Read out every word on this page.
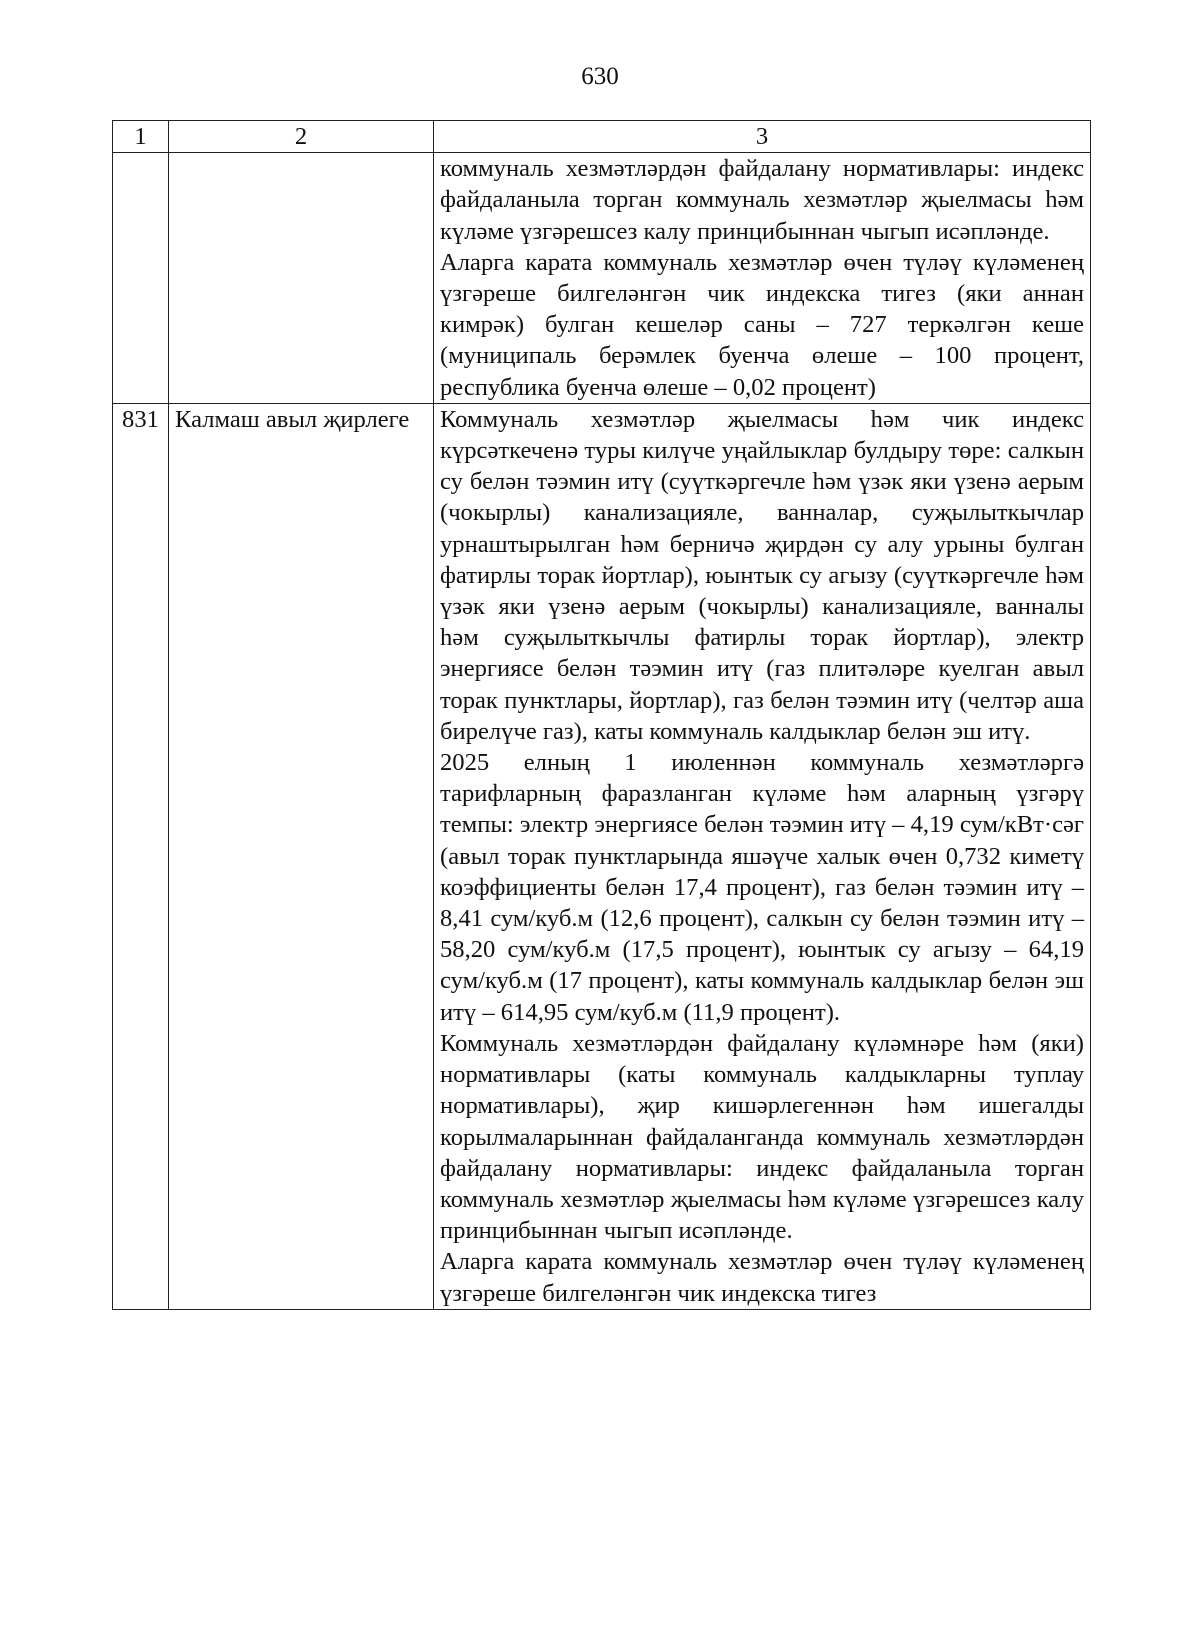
630
1	2	3

		коммуналь хезмәтләрдән файдалану нормативлары: индекс файдаланыла торган коммуналь хезмәтләр җыелмасы һәм күләме үзгәрешсез калу принцибыннан чыгып исәпләнде.

Аларга карата коммуналь хезмәтләр өчен түләү күләменең үзгәреше билгеләнгән чик индекска тигез (яки аннан кимрәк) булган кешеләр саны – 727 теркәлгән кеше (муниципаль берәмлек буенча өлеше – 100 процент, республика буенча өлеше – 0,02 процент)

831	Калмаш авыл җирлеге	Коммуналь хезмәтләр җыелмасы һәм чик индекс күрсәткеченә туры килүче уңайлыклар булдыру төре: салкын су белән тәэмин итү (суүткәргечле һәм үзәк яки үзенә аерым (чокырлы) канализацияле, ванналар, суҗылыткычлар урнаштырылган һәм берничә җирдән су алу урыны булган фатирлы торак йортлар), юынтык су агызу (суүткәргечле һәм үзәк яки үзенә аерым (чокырлы) канализацияле, ванналы һәм суҗылыткычлы фатирлы торак йортлар), электр энергиясе белән тәэмин итү (газ плитәләре куелган авыл торак пунктлары, йортлар), газ белән тәэмин итү (челтәр аша бирелүче газ), каты коммуналь калдыклар белән эш итү.

2025 елның 1 июленнән коммуналь хезмәтләргә тарифларның фаразланган күләме һәм аларның үзгәрү темпы: электр энергиясе белән тәэмин итү – 4,19 сум/кВт·сәг (авыл торак пунктларында яшәүче халык өчен 0,732 киметү коэффициенты белән 17,4 процент), газ белән тәэмин итү – 8,41 сум/куб.м (12,6 процент), салкын су белән тәэмин итү – 58,20 сум/куб.м (17,5 процент), юынтык су агызу – 64,19 сум/куб.м (17 процент), каты коммуналь калдыклар белән эш итү – 614,95 сум/куб.м (11,9 процент).

Коммуналь хезмәтләрдән файдалану күләмнәре һәм (яки) нормативлары (каты коммуналь калдыкларны туплау нормативлары), җир кишәрлегеннән һәм ишегалды корылмаларыннан файдаланганда коммуналь хезмәтләрдән файдалану нормативлары: индекс файдаланыла торган коммуналь хезмәтләр җыелмасы һәм күләме үзгәрешсез калу принцибыннан чыгып исәпләнде.

Аларга карата коммуналь хезмәтләр өчен түләү күләменең үзгәреше билгеләнгән чик индекска тигез
